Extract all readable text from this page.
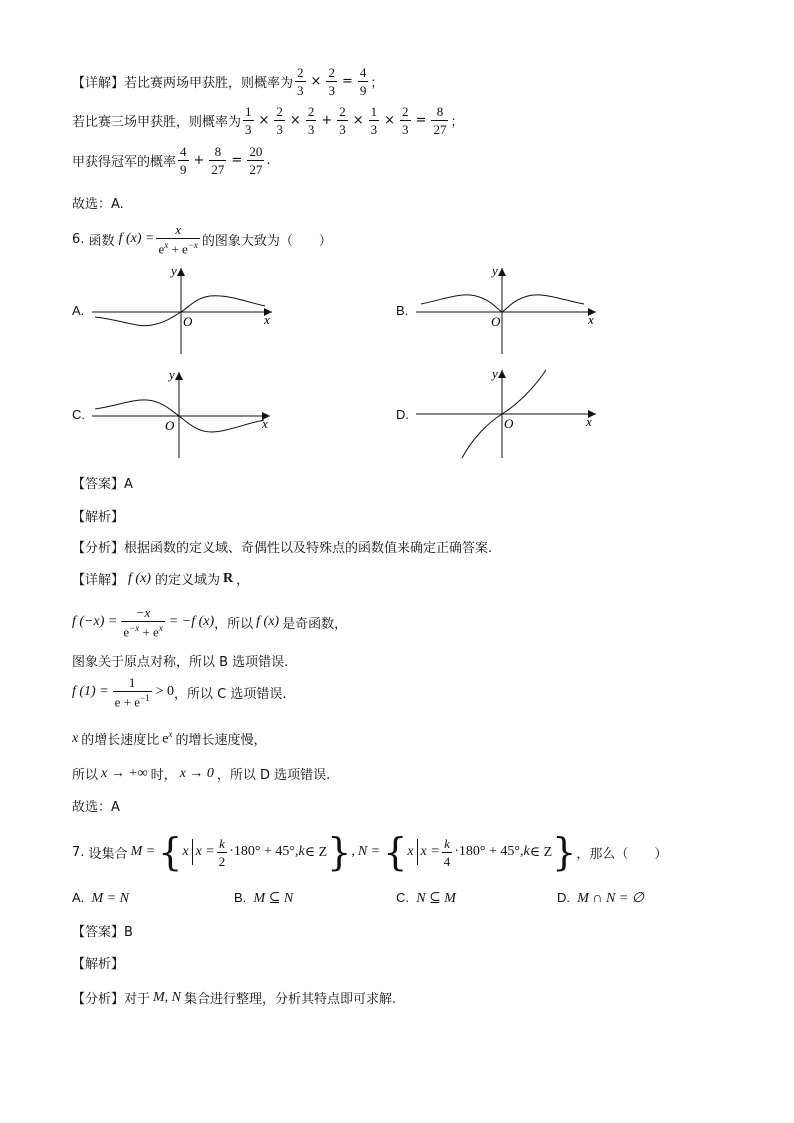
【详解】 若比赛两场甲获胜，则概率为 $\frac{2}{3} \times \frac{2}{3} = \frac{4}{9}$ ；
若比赛三场甲获胜，则概率为 $\frac{1}{3} \times \frac{2}{3} \times \frac{2}{3} + \frac{2}{3} \times \frac{1}{3} \times \frac{2}{3} = \frac{8}{27}$ ；
甲获得冠军的概率 $\frac{4}{9} + \frac{8}{27} = \frac{20}{27}$ .
故选：A.
6.
函数 f $(x) = \frac{x}{e^x + e^{-x}}$ 的图象大致为（　　）
A.
y
x
O
B.
y
x
O
C.
y
x
O
D.
y
x
O
【答案】A
【解析】
【分析】根据函数的定义域、奇偶性以及特殊点的函数值来确定正确答案.
【详解】 f (x) 的定义域为 R ，
f $(-x) = \frac{-x}{e^{-x} + e^x} = -f$ (x) ，所以 f (x) 是奇函数，
图象关于原点对称，所以 B 选项错误.
f $(1) = \frac{1}{e + e^{-1}} > 0$ ，所以 C 选项错误.
x 的增长速度比 $e^x$ 的增长速度慢，
所以 x → +∞ 时， x → 0 ，所以 D 选项错误.
故选：A
7.
设集合 M = { x $x = \frac{k}{2} \cdot 180^\circ + 45^\circ$, k ∈ Z } , N = { x $x = \frac{k}{4} \cdot 180^\circ + 45^\circ$, k ∈ Z } ，那么（　　）
A. M = N	B. M ⊆ N	C. N ⊆ M	D. M ∩ N = ∅
【答案】B
【解析】
【分析】对于 M, N 集合进行整理，分析其特点即可求解.
